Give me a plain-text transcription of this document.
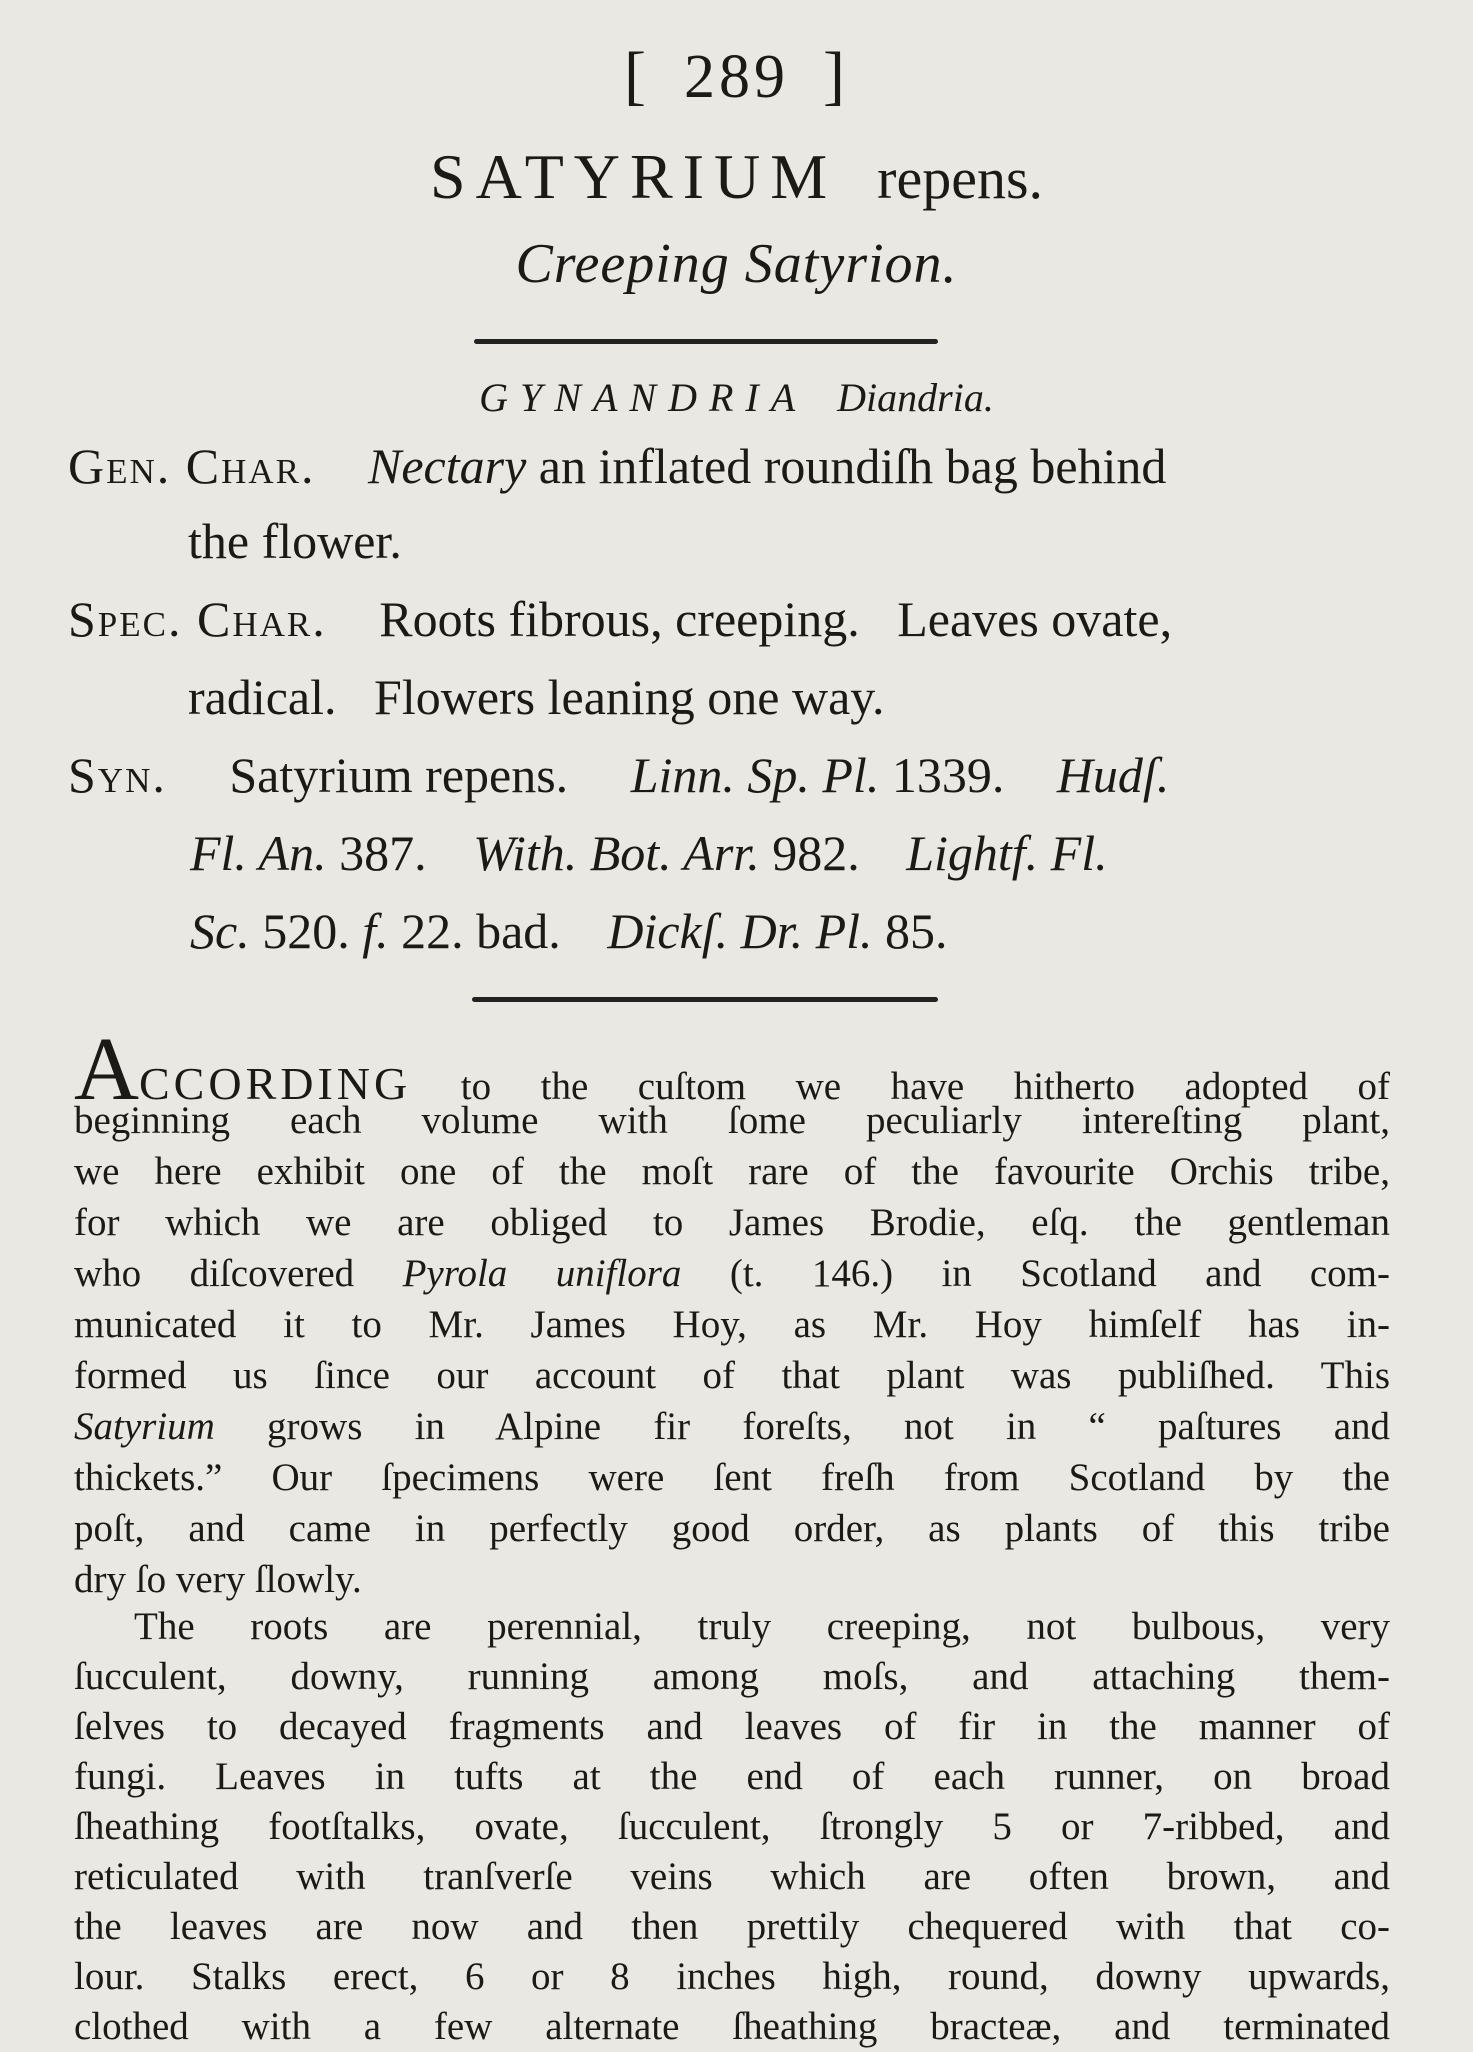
[ 289 ]
SATYRIUM repens.
Creeping Satyrion.
GYNANDRIA Diandria.
Gen. Char. Nectary an inflated roundiſh bag behind
the flower.
Spec. Char. Roots fibrous, creeping.   Leaves ovate,
radical.   Flowers leaning one way.
Syn. Satyrium repens. Linn. Sp. Pl. 1339. Hudſ.
Fl. An. 387. With. Bot. Arr. 982. Lightf. Fl.
Sc. 520. f. 22. bad. Dickſ. Dr. Pl. 85.
ACCORDING to the cuſtom we have hitherto adopted of
beginning each volume with ſome peculiarly intereſting plant,
we here exhibit one of the moſt rare of the favourite Orchis tribe,
for which we are obliged to James Brodie, eſq. the gentleman
who diſcovered Pyrola uniflora (t. 146.) in Scotland and com-
municated it to Mr. James Hoy, as Mr. Hoy himſelf has in-
formed us ſince our account of that plant was publiſhed. This
Satyrium grows in Alpine fir foreſts, not in “ paſtures and
thickets.” Our ſpecimens were ſent freſh from Scotland by the
poſt, and came in perfectly good order, as plants of this tribe
dry ſo very ſlowly.
The roots are perennial, truly creeping, not bulbous, very
ſucculent, downy, running among moſs, and attaching them-
ſelves to decayed fragments and leaves of fir in the manner of
fungi. Leaves in tufts at the end of each runner, on broad
ſheathing footſtalks, ovate, ſucculent, ſtrongly 5 or 7-ribbed, and
reticulated with tranſverſe veins which are often brown, and
the leaves are now and then prettily chequered with that co-
lour. Stalks erect, 6 or 8 inches high, round, downy upwards,
clothed with a few alternate ſheathing bracteæ, and terminated
